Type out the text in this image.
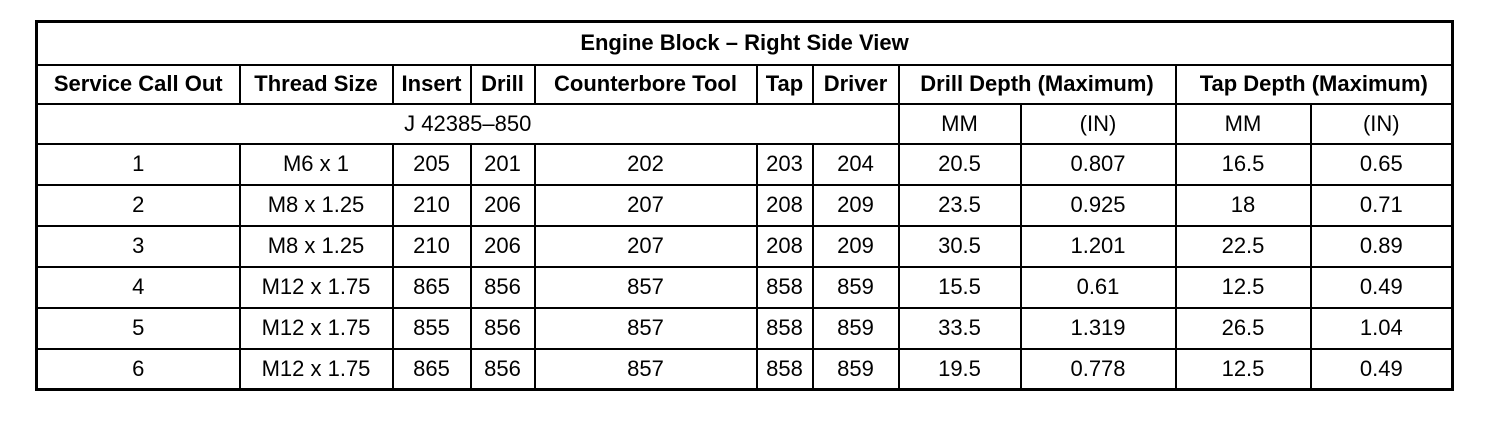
Engine Block – Right Side View										
Service Call Out	Thread Size	Insert	Drill	Counterbore Tool	Tap	Driver	Drill Depth (Maximum)		Tap Depth (Maximum)	
J 42385–850							MM	(IN)	MM	(IN)
1	M6 x 1	205	201	202	203	204	20.5	0.807	16.5	0.65
2	M8 x 1.25	210	206	207	208	209	23.5	0.925	18	0.71
3	M8 x 1.25	210	206	207	208	209	30.5	1.201	22.5	0.89
4	M12 x 1.75	865	856	857	858	859	15.5	0.61	12.5	0.49
5	M12 x 1.75	855	856	857	858	859	33.5	1.319	26.5	1.04
6	M12 x 1.75	865	856	857	858	859	19.5	0.778	12.5	0.49
